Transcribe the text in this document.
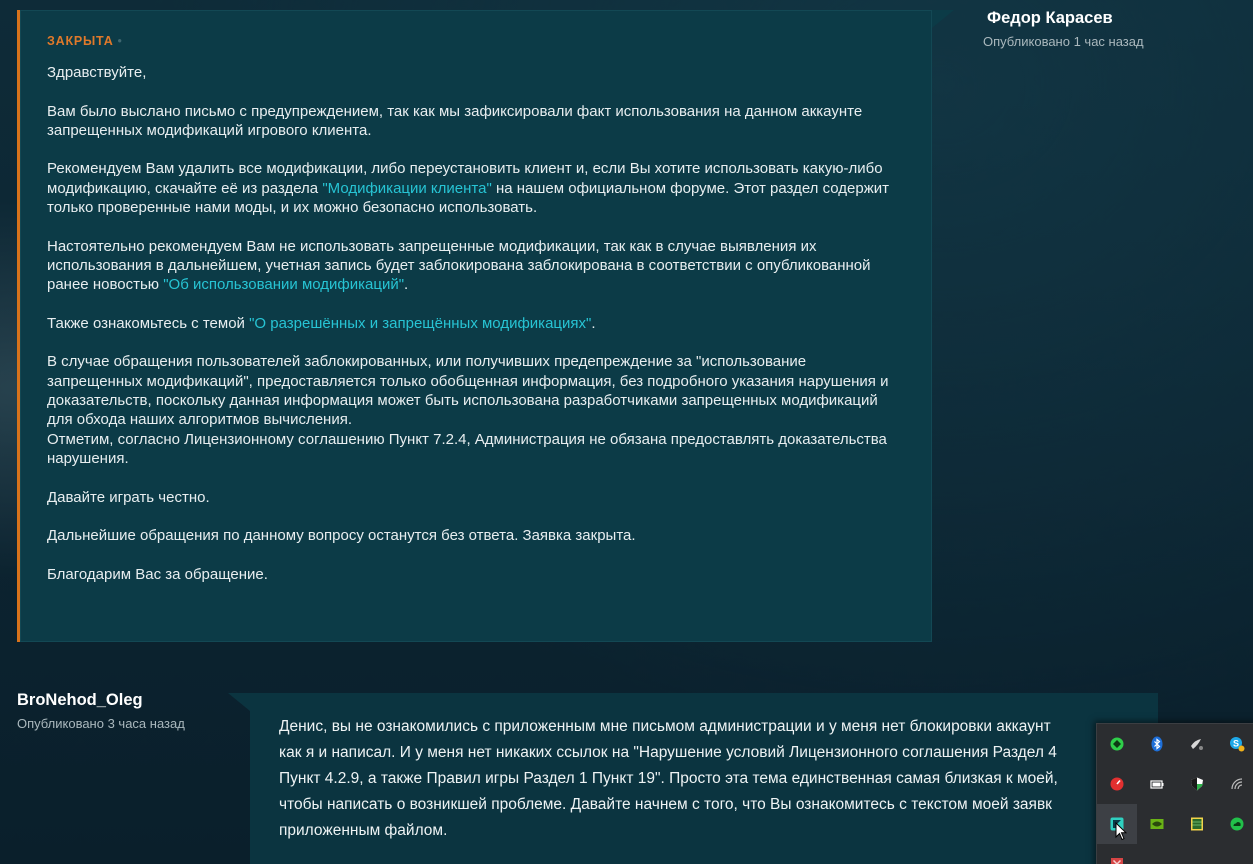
ЗАКРЫТА •

Здравствуйте,

Вам было выслано письмо с предупреждением, так как мы зафиксировали факт использования на данном аккаунте запрещенных модификаций игрового клиента.

Рекомендуем Вам удалить все модификации, либо переустановить клиент и, если Вы хотите использовать какую-либо модификацию, скачайте её из раздела "Модификации клиента" на нашем официальном форуме. Этот раздел содержит только проверенные нами моды, и их можно безопасно использовать.

Настоятельно рекомендуем Вам не использовать запрещенные модификации, так как в случае выявления их использования в дальнейшем, учетная запись будет заблокирована заблокирована в соответствии с опубликованной ранее новостью "Об использовании модификаций".

Также ознакомьтесь с темой "О разрешённых и запрещённых модификациях".

В случае обращения пользователей заблокированных, или получивших предепреждение за "использование запрещенных модификаций", предоставляется только обобщенная информация, без подробного указания нарушения и доказательств, поскольку данная информация может быть использована разработчиками запрещенных модификаций для обхода наших алгоритмов вычисления.

Отметим, согласно Лицензионному соглашению Пункт 7.2.4, Администрация не обязана предоставлять доказательства нарушения.

Давайте играть честно.

Дальнейшие обращения по данному вопросу останутся без ответа. Заявка закрыта.

Благодарим Вас за обращение.

Федор Карасев
Опубликовано 1 час назад
BroNehod_Oleg
Опубликовано 3 часа назад	Денис, вы не ознакомились с приложенным мне письмом администрации и у меня нет блокировки аккаунт
как я и написал. И у меня нет никаких ссылок на "Нарушение условий Лицензионного соглашения Раздел 4
Пункт 4.2.9, а также Правил игры Раздел 1 Пункт 19". Просто эта тема единственная самая близкая к моей,
чтобы написать о возникшей проблеме. Давайте начнем с того, что Вы ознакомитесь с текстом моей заявк
приложенным файлом.
S
